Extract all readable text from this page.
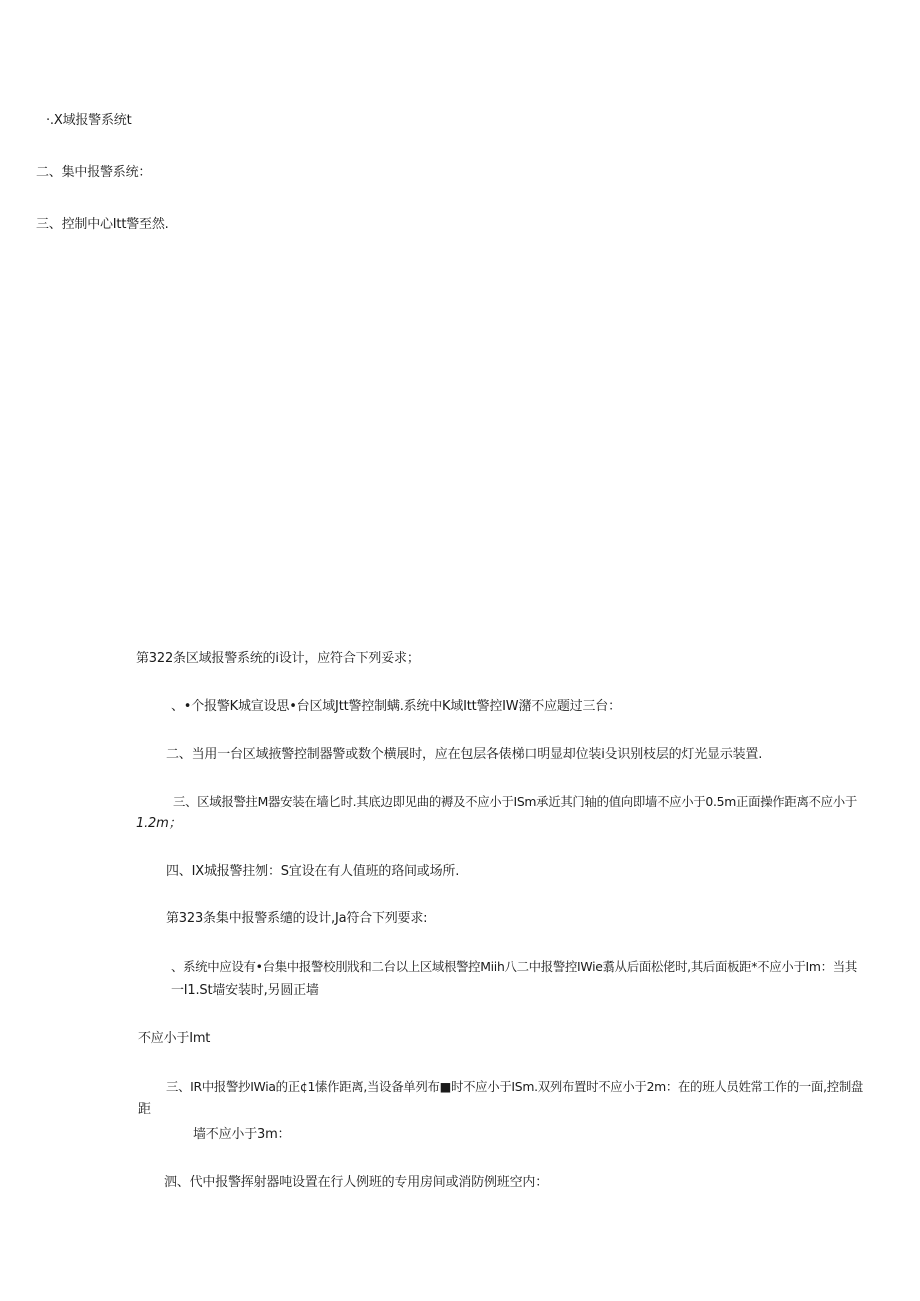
·.X域报警系统t
二、集中报警系统：
三、控制中心Itt警至然.
第322条区域报警系统的i设计，应符合下列妥求；
、•个报警K城宣设思•台区域Jtt警控制螨.系统中K域Itt警控IW潴不应题过三台：
二、当用一台区域掖警控制器警或数个横展时，应在包层各俵梯口明显却位装i殳识别枝层的灯光显示装置.
三、区域报警拄M器安装在墙匕时.其底边即见曲的褥及不应小于ISm承近其门轴的值向即墙不应小于0.5m正面操作距离不应小于
1.2m；
四、IX城报警拄刎：S宜设在有人值班的珞间或场所.
第323条集中报警系缱的设计,Ja符合下列要求:
、系统中应设有•台集中报警校刖戕和二台以上区域根警控Miih八二中报警控IWie翥从后面松佬时,其后面板距*不应小于Im：当其
一I1.St墙安装时,另圆正墙
不应小于Imt
三、IR中报警抄IWia的正¢1愫作距离,当设备单列布■时不应小于ISm.双列布置时不应小于2m：在的班人员姓常工作的一面,控制盘
距
墙不应小于3m：
泗、代中报警挥射器吨设置在行人例班的专用房间或消防例班空内：
